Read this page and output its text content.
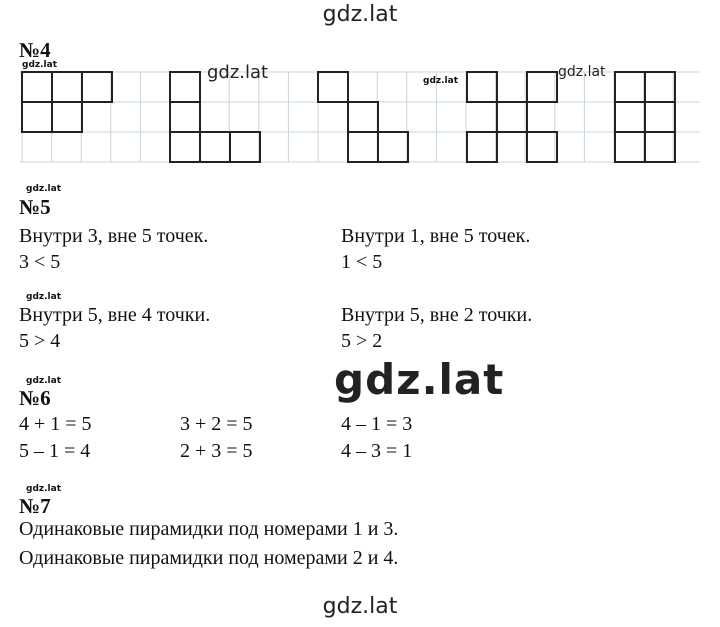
gdz.lat
gdz.lat
gdz.lat
№4
gdz.lat	gdz.lat	gdz.lat
gdz.lat
gdz.lat
№5
Внутри 3, вне 5 точек.
3 < 5
Внутри 1, вне 5 точек.
1 < 5
gdz.lat
Внутри 5, вне 4 точки.
5 > 4
Внутри 5, вне 2 точки.
5 > 2
gdz.lat
№6
4 + 1 = 5	3 + 2 = 5	4 – 1 = 3
5 – 1 = 4	2 + 3 = 5	4 – 3 = 1
gdz.lat
№7
Одинаковые пирамидки под номерами 1 и 3.
Одинаковые пирамидки под номерами 2 и 4.
